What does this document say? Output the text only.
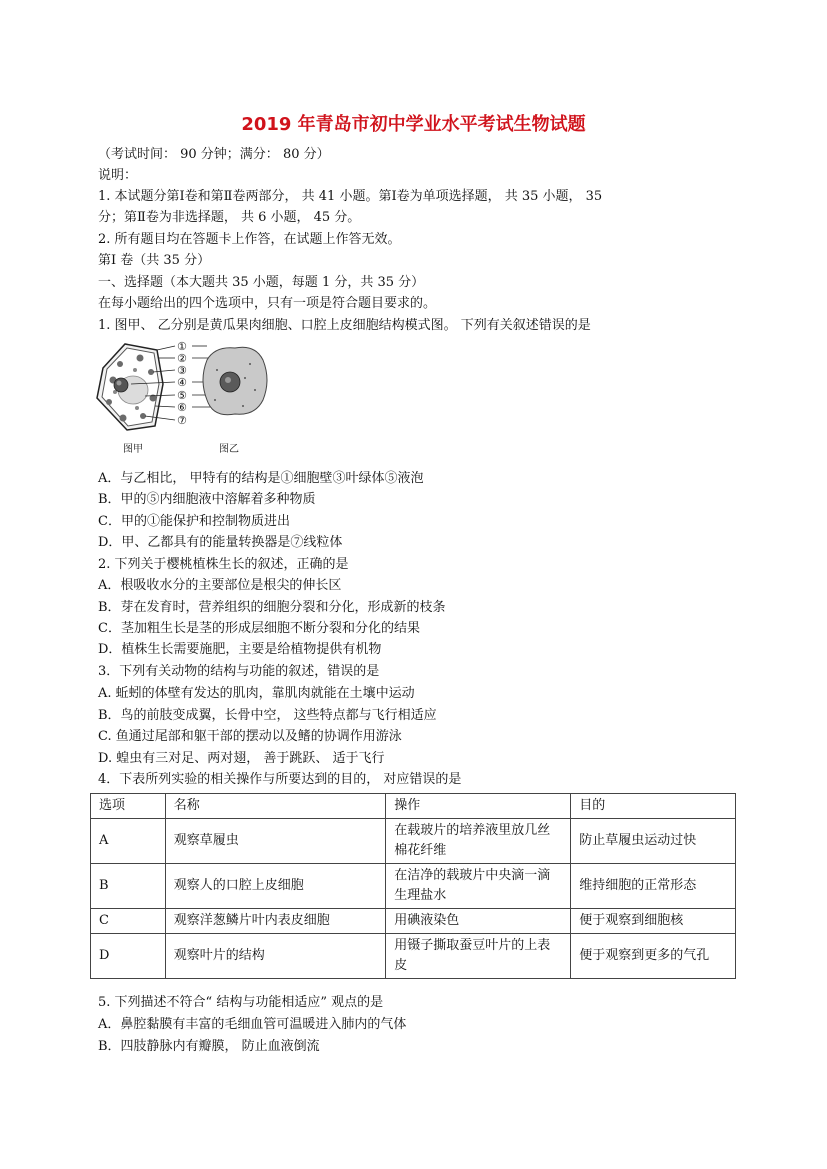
2019 年青岛市初中学业水平考试生物试题
（考试时间： 90 分钟；满分： 80 分）
说明：
1. 本试题分第Ⅰ卷和第Ⅱ卷两部分， 共 41 小题。第Ⅰ卷为单项选择题， 共 35 小题， 35
分；第Ⅱ卷为非选择题， 共 6 小题， 45 分。
2. 所有题目均在答题卡上作答，在试题上作答无效。
第Ⅰ 卷（共 35 分）
一、选择题（本大题共 35 小题，每题 1 分，共 35 分）
在每小题给出的四个选项中，只有一项是符合题目要求的。
1. 图甲、 乙分别是黄瓜果肉细胞、口腔上皮细胞结构模式图。 下列有关叙述错误的是
①
②
③
④
⑤
⑥
⑦
图甲	图乙
A．与乙相比， 甲特有的结构是①细胞壁③叶绿体⑤液泡
B．甲的⑤内细胞液中溶解着多种物质
C．甲的①能保护和控制物质进出
D．甲、乙都具有的能量转换器是⑦线粒体
2. 下列关于樱桃植株生长的叙述，正确的是
A．根吸收水分的主要部位是根尖的伸长区
B．芽在发育时，营养组织的细胞分裂和分化，形成新的枝条
C．茎加粗生长是茎的形成层细胞不断分裂和分化的结果
D．植株生长需要施肥，主要是给植物提供有机物
3．下列有关动物的结构与功能的叙述，错误的是
A. 蚯蚓的体壁有发达的肌肉，靠肌肉就能在土壤中运动
B．鸟的前肢变成翼，长骨中空， 这些特点都与飞行相适应
C. 鱼通过尾部和躯干部的摆动以及鳍的协调作用游泳
D. 蝗虫有三对足、两对翅， 善于跳跃、 适于飞行
4．下表所列实验的相关操作与所要达到的目的， 对应错误的是
选项	名称	操作	目的
A	观察草履虫	在载玻片的培养液里放几丝棉花纤维	防止草履虫运动过快
B	观察人的口腔上皮细胞	在洁净的载玻片中央滴一滴生理盐水	维持细胞的正常形态
C	观察洋葱鳞片叶内表皮细胞	用碘液染色	便于观察到细胞核
D	观察叶片的结构	用镊子撕取蚕豆叶片的上表皮	便于观察到更多的气孔
5. 下列描述不符合“ 结构与功能相适应” 观点的是
A．鼻腔黏膜有丰富的毛细血管可温暖进入肺内的气体
B．四肢静脉内有瓣膜， 防止血液倒流
